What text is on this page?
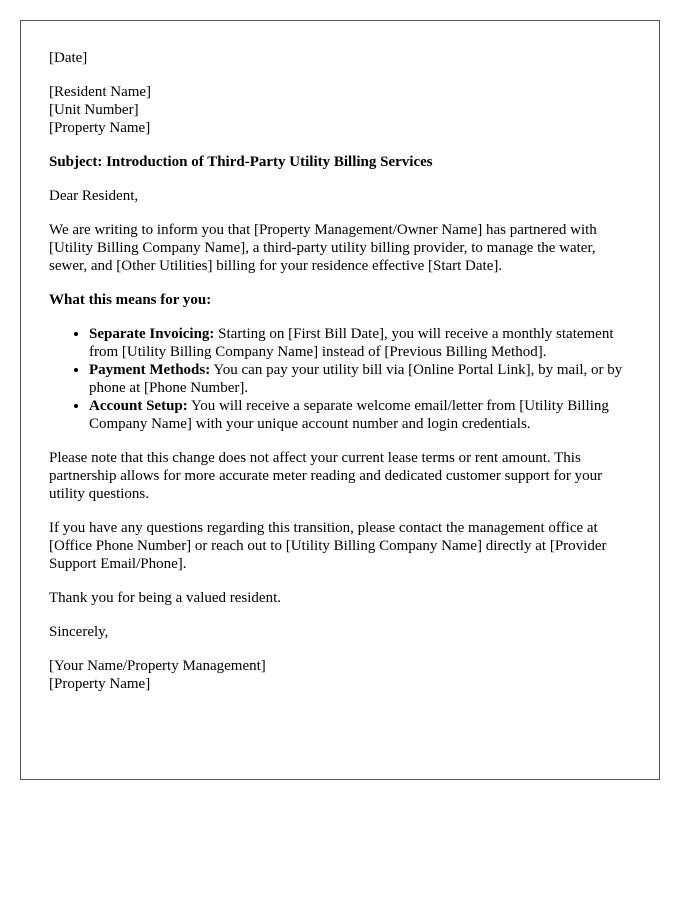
[Date]
[Resident Name]
[Unit Number]
[Property Name]
Subject: Introduction of Third-Party Utility Billing Services
Dear Resident,
We are writing to inform you that [Property Management/Owner Name] has partnered with [Utility Billing Company Name], a third-party utility billing provider, to manage the water, sewer, and [Other Utilities] billing for your residence effective [Start Date].
What this means for you:
• Separate Invoicing: Starting on [First Bill Date], you will receive a monthly statement from [Utility Billing Company Name] instead of [Previous Billing Method].
• Payment Methods: You can pay your utility bill via [Online Portal Link], by mail, or by phone at [Phone Number].
• Account Setup: You will receive a separate welcome email/letter from [Utility Billing Company Name] with your unique account number and login credentials.
Please note that this change does not affect your current lease terms or rent amount. This partnership allows for more accurate meter reading and dedicated customer support for your utility questions.
If you have any questions regarding this transition, please contact the management office at [Office Phone Number] or reach out to [Utility Billing Company Name] directly at [Provider Support Email/Phone].
Thank you for being a valued resident.
Sincerely,
[Your Name/Property Management]
[Property Name]
